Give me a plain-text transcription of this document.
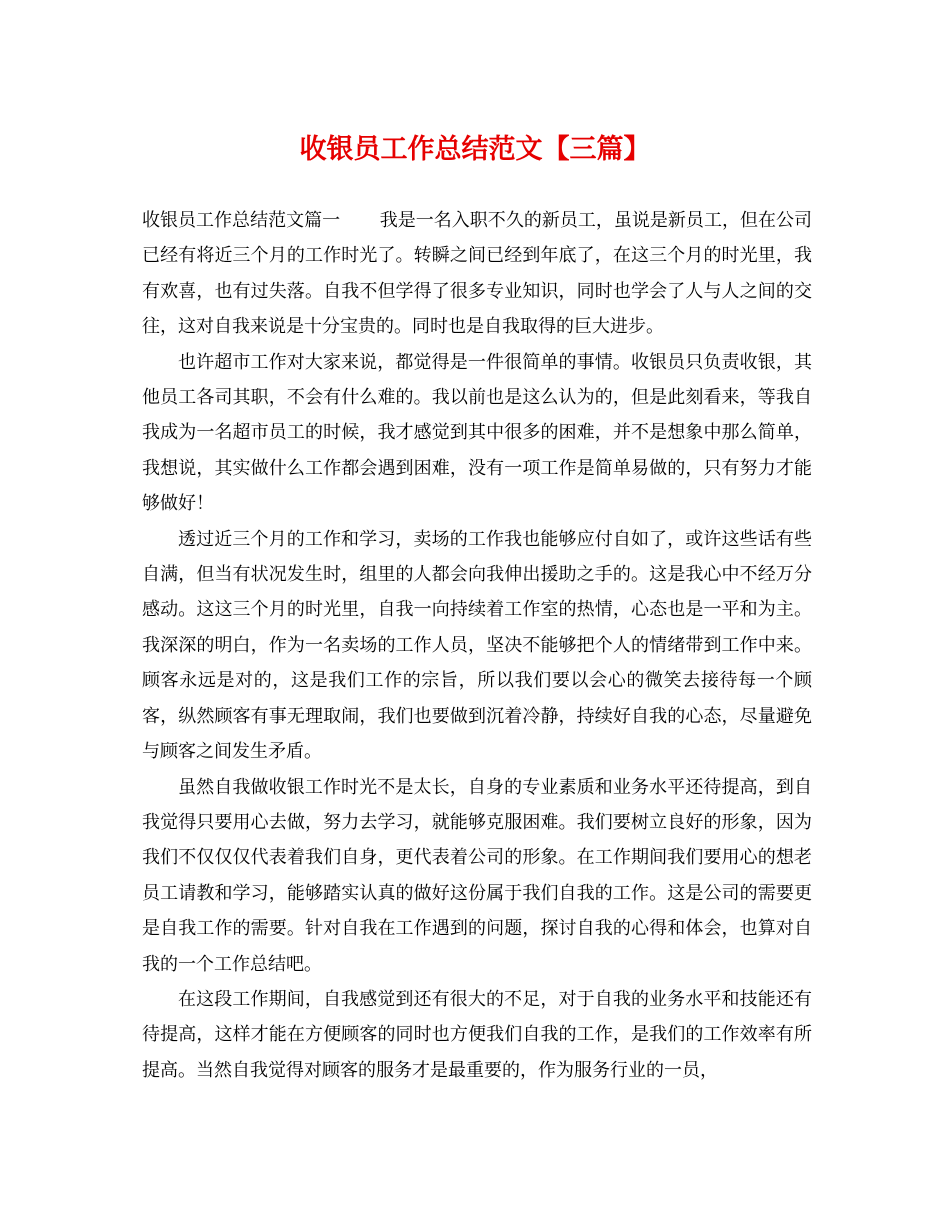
收银员工作总结范文【三篇】

收银员工作总结范文篇一 我是一名入职不久的新员工，虽说是新员工，但在公司已经有将近三个月的工作时光了。转瞬之间已经到年底了，在这三个月的时光里，我有欢喜，也有过失落。自我不但学得了很多专业知识，同时也学会了人与人之间的交往，这对自我来说是十分宝贵的。同时也是自我取得的巨大进步。

也许超市工作对大家来说，都觉得是一件很简单的事情。收银员只负责收银，其他员工各司其职，不会有什么难的。我以前也是这么认为的，但是此刻看来，等我自我成为一名超市员工的时候，我才感觉到其中很多的困难，并不是想象中那么简单，我想说，其实做什么工作都会遇到困难，没有一项工作是简单易做的，只有努力才能够做好！

透过近三个月的工作和学习，卖场的工作我也能够应付自如了，或许这些话有些自满，但当有状况发生时，组里的人都会向我伸出援助之手的。这是我心中不经万分感动。这这三个月的时光里，自我一向持续着工作室的热情，心态也是一平和为主。我深深的明白，作为一名卖场的工作人员，坚决不能够把个人的情绪带到工作中来。顾客永远是对的，这是我们工作的宗旨，所以我们要以会心的微笑去接待每一个顾客，纵然顾客有事无理取闹，我们也要做到沉着冷静，持续好自我的心态，尽量避免与顾客之间发生矛盾。

虽然自我做收银工作时光不是太长，自身的专业素质和业务水平还待提高，到自我觉得只要用心去做，努力去学习，就能够克服困难。我们要树立良好的形象，因为我们不仅仅仅代表着我们自身，更代表着公司的形象。在工作期间我们要用心的想老员工请教和学习，能够踏实认真的做好这份属于我们自我的工作。这是公司的需要更是自我工作的需要。针对自我在工作遇到的问题，探讨自我的心得和体会，也算对自我的一个工作总结吧。

在这段工作期间，自我感觉到还有很大的不足，对于自我的业务水平和技能还有待提高，这样才能在方便顾客的同时也方便我们自我的工作，是我们的工作效率有所提高。当然自我觉得对顾客的服务才是最重要的，作为服务行业的一员，
